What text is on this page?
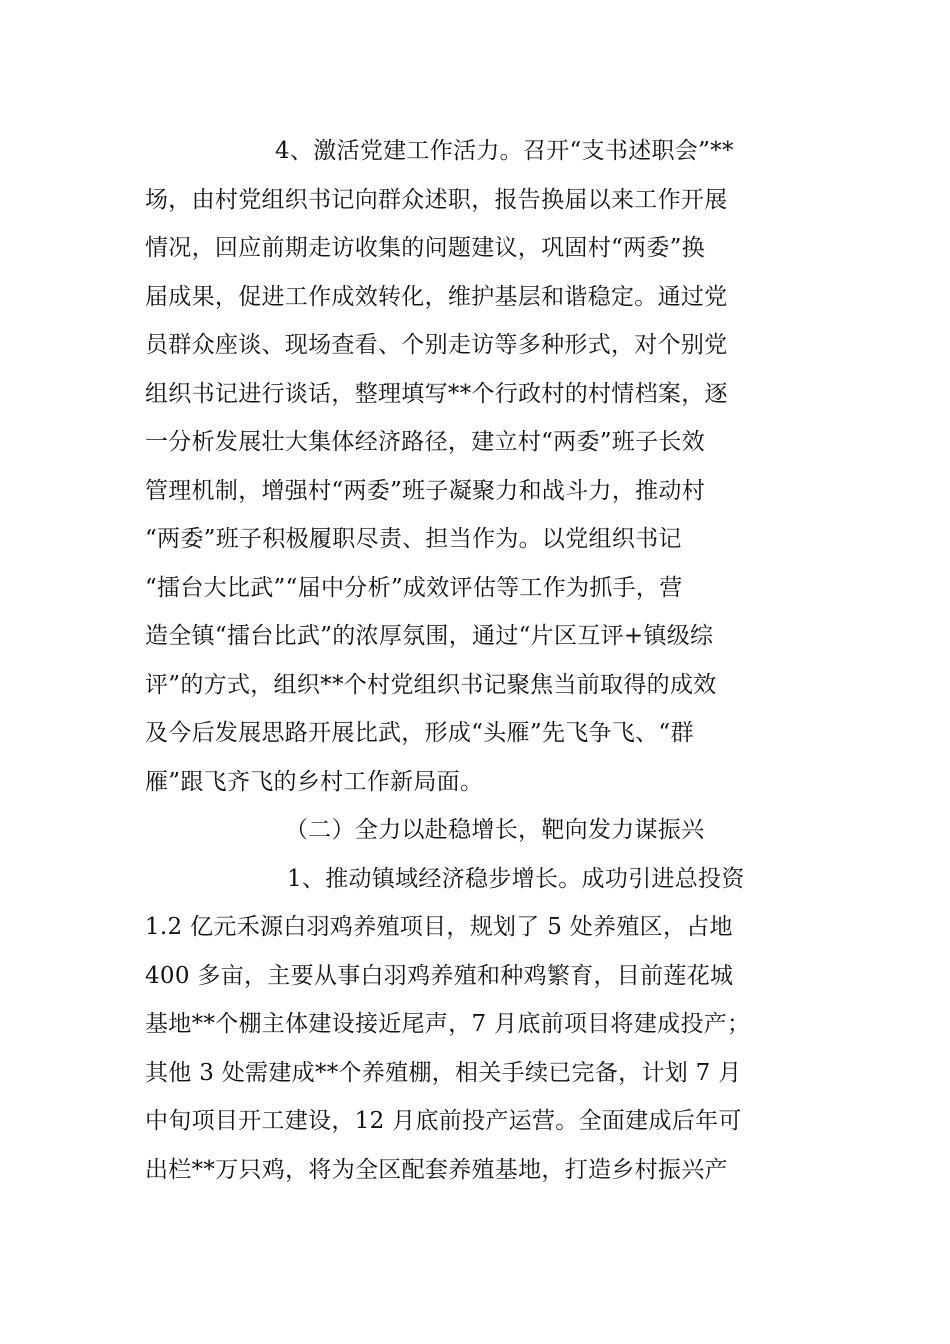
4、激活党建工作活力。召开“支书述职会”**
场，由村党组织书记向群众述职，报告换届以来工作开展
情况，回应前期走访收集的问题建议，巩固村“两委”换
届成果，促进工作成效转化，维护基层和谐稳定。通过党
员群众座谈、现场查看、个别走访等多种形式，对个别党
组织书记进行谈话，整理填写**个行政村的村情档案，逐
一分析发展壮大集体经济路径，建立村“两委”班子长效
管理机制，增强村“两委”班子凝聚力和战斗力，推动村
“两委”班子积极履职尽责、担当作为。以党组织书记
“擂台大比武”“届中分析”成效评估等工作为抓手，营
造全镇“擂台比武”的浓厚氛围，通过“片区互评+镇级综
评”的方式，组织**个村党组织书记聚焦当前取得的成效
及今后发展思路开展比武，形成“头雁”先飞争飞、“群
雁”跟飞齐飞的乡村工作新局面。
（二）全力以赴稳增长，靶向发力谋振兴
1、推动镇域经济稳步增长。成功引进总投资
1.2 亿元禾源白羽鸡养殖项目，规划了 5 处养殖区，占地
400 多亩，主要从事白羽鸡养殖和种鸡繁育，目前莲花城
基地**个棚主体建设接近尾声，7 月底前项目将建成投产；
其他 3 处需建成**个养殖棚，相关手续已完备，计划 7 月
中旬项目开工建设，12 月底前投产运营。全面建成后年可
出栏**万只鸡，将为全区配套养殖基地，打造乡村振兴产
